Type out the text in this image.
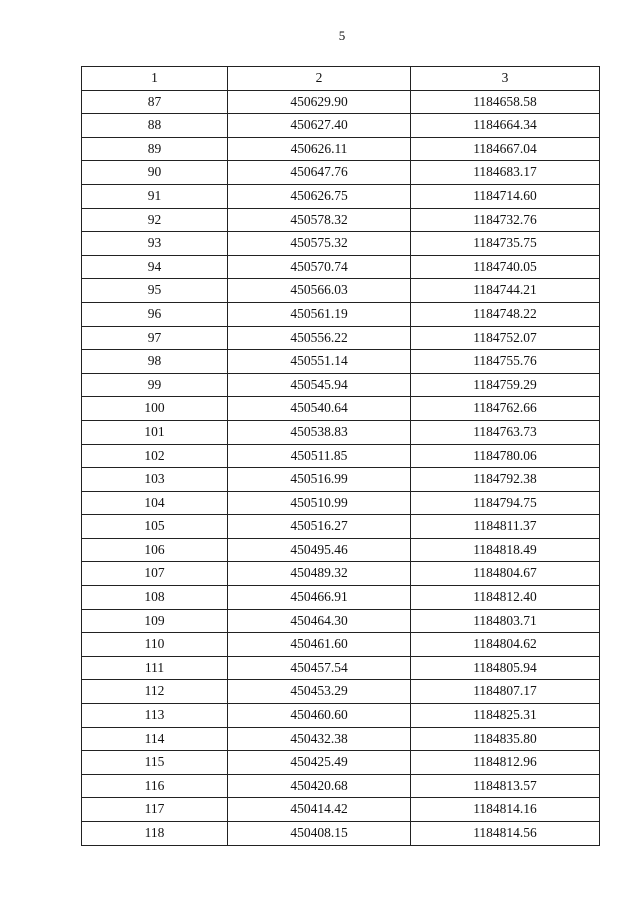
5
1	2	3
87	450629.90	1184658.58
88	450627.40	1184664.34
89	450626.11	1184667.04
90	450647.76	1184683.17
91	450626.75	1184714.60
92	450578.32	1184732.76
93	450575.32	1184735.75
94	450570.74	1184740.05
95	450566.03	1184744.21
96	450561.19	1184748.22
97	450556.22	1184752.07
98	450551.14	1184755.76
99	450545.94	1184759.29
100	450540.64	1184762.66
101	450538.83	1184763.73
102	450511.85	1184780.06
103	450516.99	1184792.38
104	450510.99	1184794.75
105	450516.27	1184811.37
106	450495.46	1184818.49
107	450489.32	1184804.67
108	450466.91	1184812.40
109	450464.30	1184803.71
110	450461.60	1184804.62
111	450457.54	1184805.94
112	450453.29	1184807.17
113	450460.60	1184825.31
114	450432.38	1184835.80
115	450425.49	1184812.96
116	450420.68	1184813.57
117	450414.42	1184814.16
118	450408.15	1184814.56
